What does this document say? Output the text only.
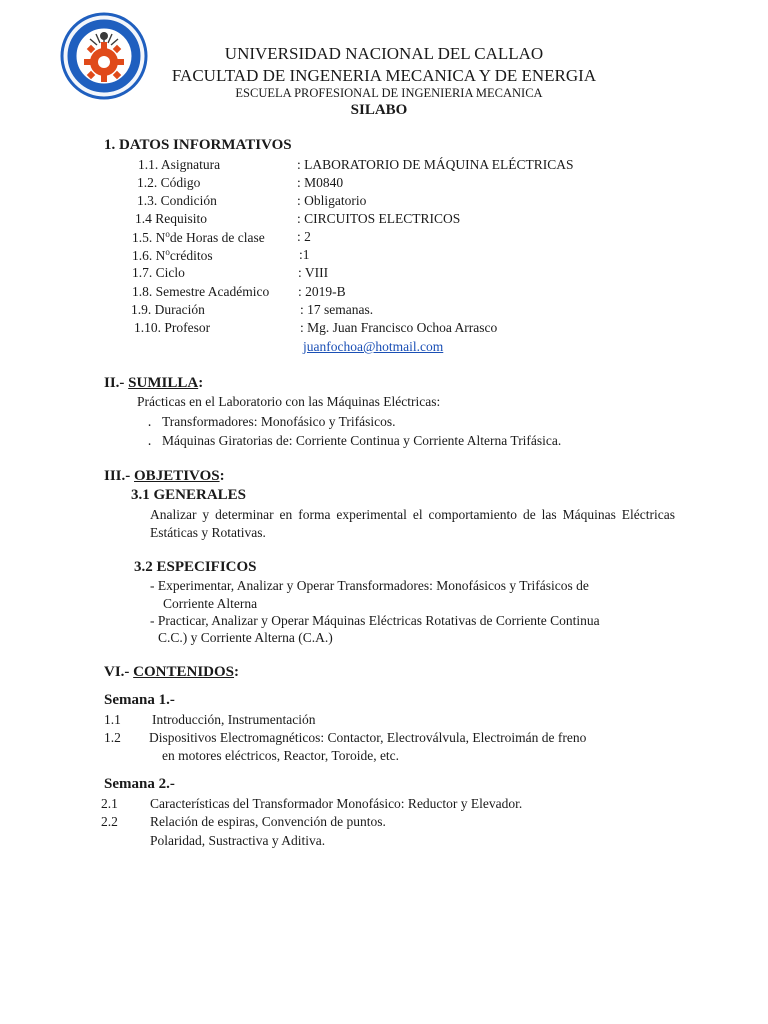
UNIVERSIDAD NACIONAL DEL CALLAO
FACULTAD DE INGENERIA MECANICA Y DE ENERGIA
ESCUELA PROFESIONAL DE INGENIERIA MECANICA
SILABO
1. DATOS INFORMATIVOS
1.1. Asignatura	: LABORATORIO DE MÁQUINA ELÉCTRICAS
1.2. Código	: M0840
1.3. Condición	: Obligatorio
1.4 Requisito	: CIRCUITOS ELECTRICOS
1.5. $N^ode$ Horas de clase : 2
1.6. $N^ocréditos$	:1
1.7. Ciclo	: VIII
1.8. Semestre Académico : 2019-B
1.9. Duración	: 17 semanas.
1.10. Profesor	: Mg. Juan Francisco Ochoa Arrasco
juanfochoa@hotmail.com
II.- SUMILLA:
Prácticas en el Laboratorio con las Máquinas Eléctricas:
․ Transformadores: Monofásico y Trifásicos.
․ Máquinas Giratorias de: Corriente Continua y Corriente Alterna Trifásica.
III.- OBJETIVOS:
3.1 GENERALES
Analizar y determinar en forma experimental el comportamiento de las Máquinas Eléctricas Estáticas y Rotativas.
3.2 ESPECIFICOS
- Experimentar, Analizar y Operar Transformadores: Monofásicos y Trifásicos de
Corriente Alterna
- Practicar, Analizar y Operar Máquinas Eléctricas Rotativas de Corriente Continua
C.C.) y Corriente Alterna (C.A.)
VI.- CONTENIDOS:
Semana 1.-
1.1 Introducción, Instrumentación
1.2 Dispositivos Electromagnéticos: Contactor, Electroválvula, Electroimán de freno
en motores eléctricos, Reactor, Toroide, etc.
Semana 2.-
2.1 Características del Transformador Monofásico: Reductor y Elevador.
2.2 Relación de espiras, Convención de puntos.
Polaridad, Sustractiva y Aditiva.
